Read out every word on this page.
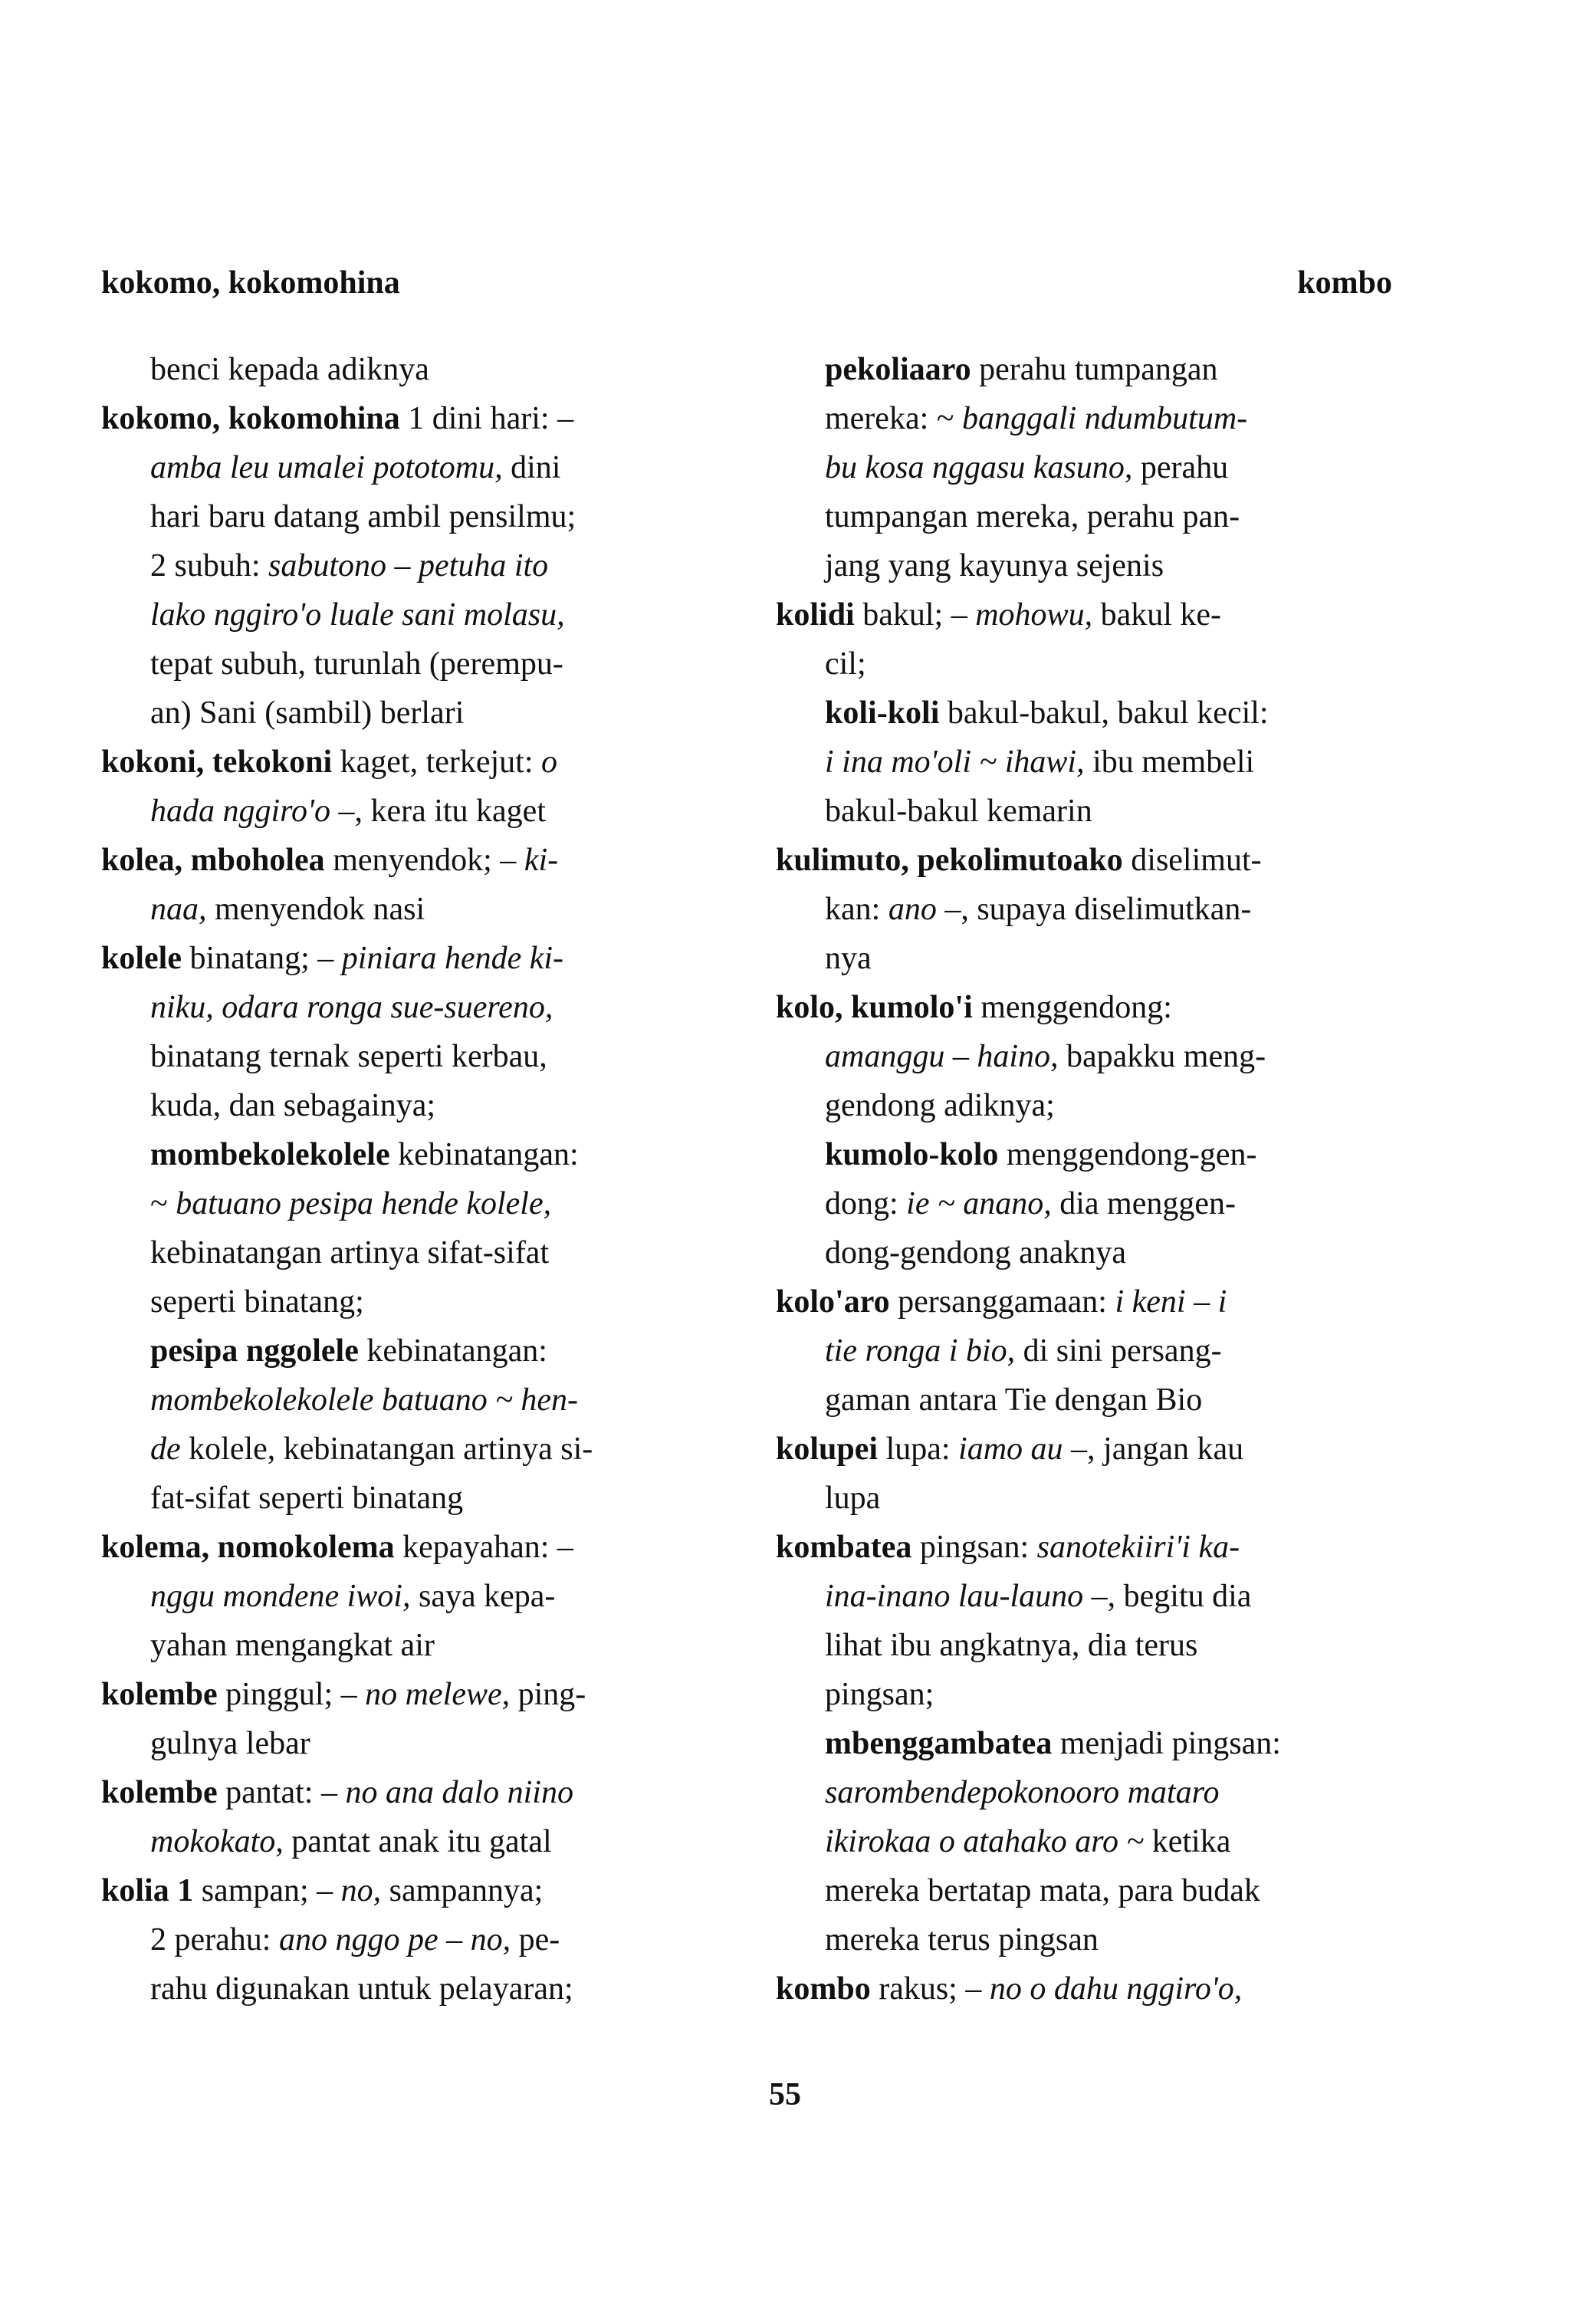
kokomo, kokomohina	kombo
benci kepada adiknya
kokomo, kokomohina 1 dini hari: –
amba leu umalei pototomu, dini
hari baru datang ambil pensilmu;
2 subuh: sabutono – petuha ito
lako nggiro'o luale sani molasu,
tepat subuh, turunlah (perempu-
an) Sani (sambil) berlari
kokoni, tekokoni kaget, terkejut: o
hada nggiro'o –, kera itu kaget
kolea, mboholea menyendok; – ki-
naa, menyendok nasi
kolele binatang; – piniara hende ki-
niku, odara ronga sue-suereno,
binatang ternak seperti kerbau,
kuda, dan sebagainya;
mombekolekolele kebinatangan:
~ batuano pesipa hende kolele,
kebinatangan artinya sifat-sifat
seperti binatang;
pesipa nggolele kebinatangan:
mombekolekolele batuano ~ hen-
de kolele, kebinatangan artinya si-
fat-sifat seperti binatang
kolema, nomokolema kepayahan: –
nggu mondene iwoi, saya kepa-
yahan mengangkat air
kolembe pinggul; – no melewe, ping-
gulnya lebar
kolembe pantat: – no ana dalo niino
mokokato, pantat anak itu gatal
kolia 1 sampan; – no, sampannya;
2 perahu: ano nggo pe – no, pe-
rahu digunakan untuk pelayaran;
pekoliaaro perahu tumpangan
mereka: ~ banggali ndumbutum-
bu kosa nggasu kasuno, perahu
tumpangan mereka, perahu pan-
jang yang kayunya sejenis
kolidi bakul; – mohowu, bakul ke-
cil;
koli-koli bakul-bakul, bakul kecil:
i ina mo'oli ~ ihawi, ibu membeli
bakul-bakul kemarin
kulimuto, pekolimutoako diselimut-
kan: ano –, supaya diselimutkan-
nya
kolo, kumolo'i menggendong:
amanggu – haino, bapakku meng-
gendong adiknya;
kumolo-kolo menggendong-gen-
dong: ie ~ anano, dia menggen-
dong-gendong anaknya
kolo'aro persanggamaan: i keni – i
tie ronga i bio, di sini persang-
gaman antara Tie dengan Bio
kolupei lupa: iamo au –, jangan kau
lupa
kombatea pingsan: sanotekiiri'i ka-
ina-inano lau-launo –, begitu dia
lihat ibu angkatnya, dia terus
pingsan;
mbenggambatea menjadi pingsan:
sarombendepokonooro mataro
ikirokaa o atahako aro ~ ketika
mereka bertatap mata, para budak
mereka terus pingsan
kombo rakus; – no o dahu nggiro'o,
55
